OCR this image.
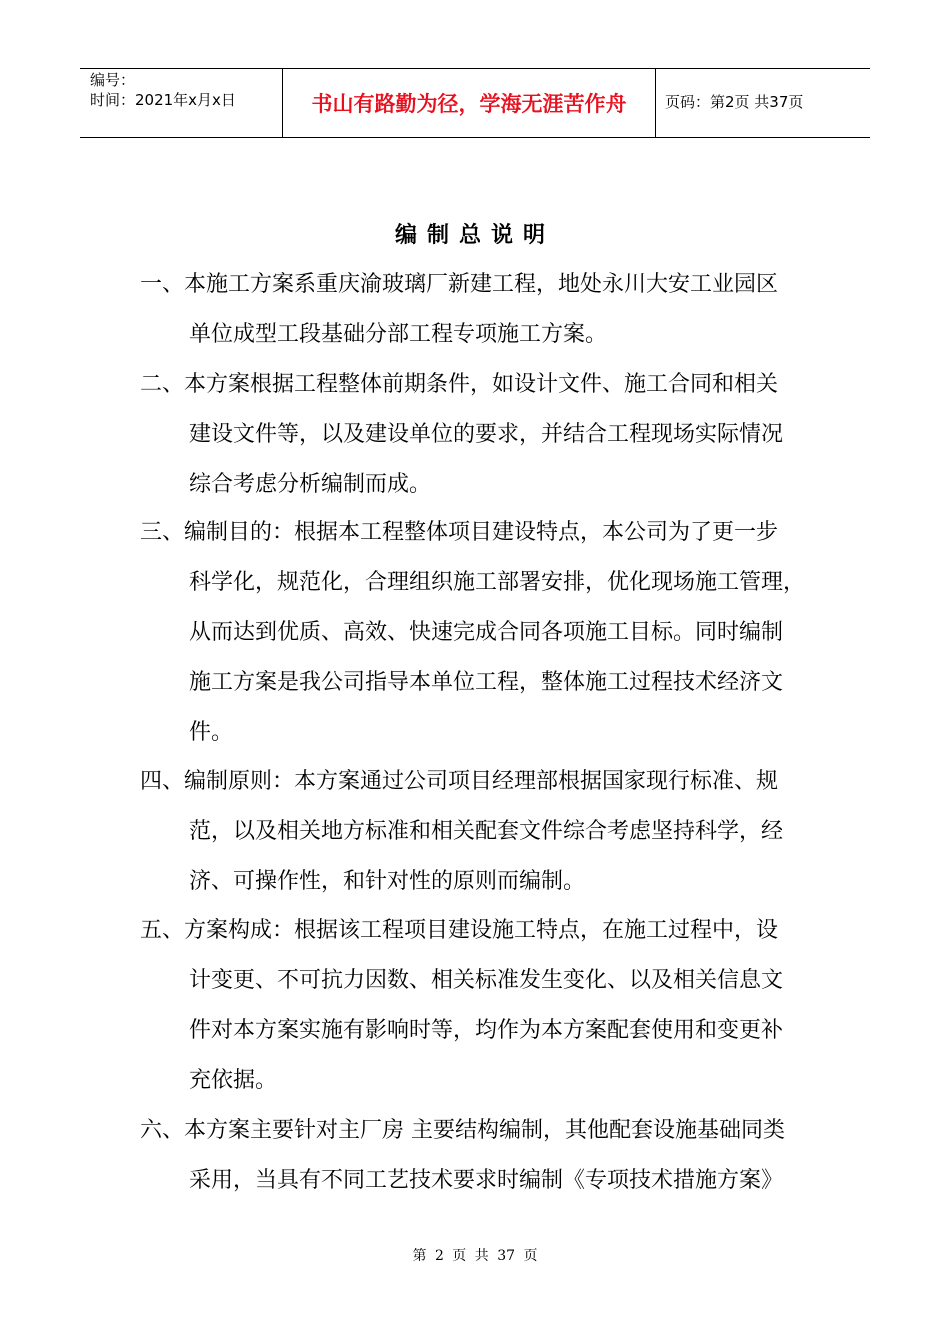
编号：
时间：2021年x月x日	书山有路勤为径，学海无涯苦作舟	页码：第2页 共37页
编制总说明
一、本施工方案系重庆渝玻璃厂新建工程，地处永川大安工业园区
单位成型工段基础分部工程专项施工方案。
二、本方案根据工程整体前期条件，如设计文件、施工合同和相关
建设文件等，以及建设单位的要求，并结合工程现场实际情况
综合考虑分析编制而成。
三、编制目的：根据本工程整体项目建设特点，本公司为了更一步
科学化，规范化，合理组织施工部署安排，优化现场施工管理，
从而达到优质、高效、快速完成合同各项施工目标。同时编制
施工方案是我公司指导本单位工程，整体施工过程技术经济文
件。
四、编制原则：本方案通过公司项目经理部根据国家现行标准、规
范，以及相关地方标准和相关配套文件综合考虑坚持科学，经
济、可操作性，和针对性的原则而编制。
五、方案构成：根据该工程项目建设施工特点，在施工过程中，设
计变更、不可抗力因数、相关标准发生变化、以及相关信息文
件对本方案实施有影响时等，均作为本方案配套使用和变更补
充依据。
六、本方案主要针对主厂房 主要结构编制，其他配套设施基础同类
采用，当具有不同工艺技术要求时编制《专项技术措施方案》
第 2 页 共 37 页
